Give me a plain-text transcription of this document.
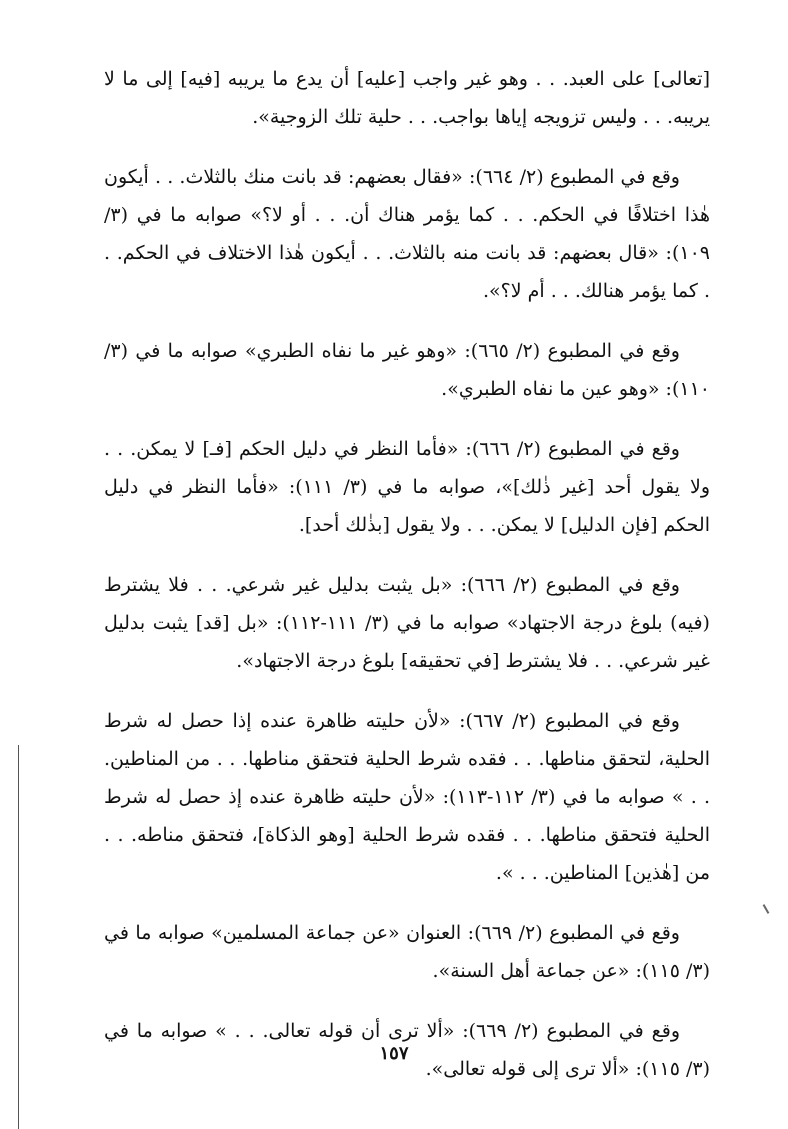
[تعالى] على العبد. . . وهو غير واجب [عليه] أن يدع ما يريبه [فيه] إلى ما لا يريبه. . . وليس تزويجه إياها بواجب. . . حلية تلك الزوجية».

وقع في المطبوع (٢/ ٦٦٤): «فقال بعضهم: قد بانت منك بالثلاث. . . أيكون هٰذا اختلافًا في الحكم. . . كما يؤمر هناك أن. . . أو لا؟» صوابه ما في (٣/ ١٠٩): «قال بعضهم: قد بانت منه بالثلاث. . . أيكون هٰذا الاختلاف في الحكم. . . كما يؤمر هنالك. . . أم لا؟».

وقع في المطبوع (٢/ ٦٦٥): «وهو غير ما نفاه الطبري» صوابه ما في (٣/ ١١٠): «وهو عين ما نفاه الطبري».

وقع في المطبوع (٢/ ٦٦٦): «فأما النظر في دليل الحكم [فـ] لا يمكن. . . ولا يقول أحد [غير ذٰلك]»، صوابه ما في (٣/ ١١١): «فأما النظر في دليل الحكم [فإن الدليل] لا يمكن. . . ولا يقول [بذٰلك أحد].

وقع في المطبوع (٢/ ٦٦٦): «بل يثبت بدليل غير شرعي. . . فلا يشترط (فيه) بلوغ درجة الاجتهاد» صوابه ما في (٣/ ١١١-١١٢): «بل [قد] يثبت بدليل غير شرعي. . . فلا يشترط [في تحقيقه] بلوغ درجة الاجتهاد».

وقع في المطبوع (٢/ ٦٦٧): «لأن حليته ظاهرة عنده إذا حصل له شرط الحلية، لتحقق مناطها. . . فقده شرط الحلية فتحقق مناطها. . . من المناطين. . . » صوابه ما في (٣/ ١١٢-١١٣): «لأن حليته ظاهرة عنده إذ حصل له شرط الحلية فتحقق مناطها. . . فقده شرط الحلية [وهو الذكاة]، فتحقق مناطه. . . من [هٰذين] المناطين. . . ».

وقع في المطبوع (٢/ ٦٦٩): العنوان «عن جماعة المسلمين» صوابه ما في (٣/ ١١٥): «عن جماعة أهل السنة».

وقع في المطبوع (٢/ ٦٦٩): «ألا ترى أن قوله تعالى. . . » صوابه ما في (٣/ ١١٥): «ألا ترى إلى قوله تعالى».

١٥٧
